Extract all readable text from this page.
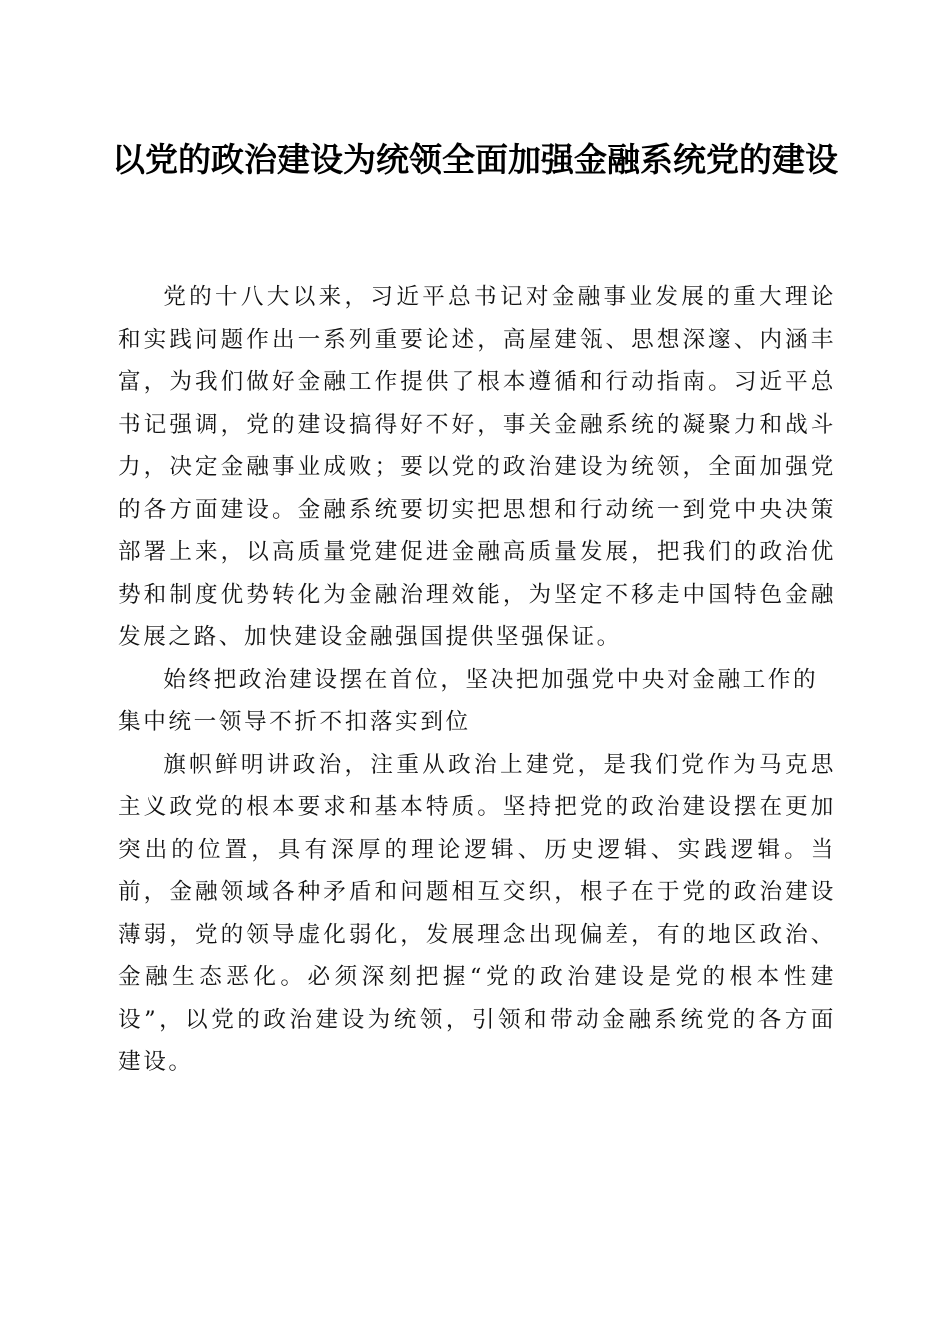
以党的政治建设为统领全面加强金融系统党的建设

党的十八大以来，习近平总书记对金融事业发展的重大理论和实践问题作出一系列重要论述，高屋建瓴、思想深邃、内涵丰富，为我们做好金融工作提供了根本遵循和行动指南。习近平总书记强调，党的建设搞得好不好，事关金融系统的凝聚力和战斗力，决定金融事业成败；要以党的政治建设为统领，全面加强党的各方面建设。金融系统要切实把思想和行动统一到党中央决策部署上来，以高质量党建促进金融高质量发展，把我们的政治优势和制度优势转化为金融治理效能，为坚定不移走中国特色金融发展之路、加快建设金融强国提供坚强保证。

始终把政治建设摆在首位，坚决把加强党中央对金融工作的集中统一领导不折不扣落实到位

旗帜鲜明讲政治，注重从政治上建党，是我们党作为马克思主义政党的根本要求和基本特质。坚持把党的政治建设摆在更加突出的位置，具有深厚的理论逻辑、历史逻辑、实践逻辑。当前，金融领域各种矛盾和问题相互交织，根子在于党的政治建设薄弱，党的领导虚化弱化，发展理念出现偏差，有的地区政治、金融生态恶化。必须深刻把握“党的政治建设是党的根本性建设”，以党的政治建设为统领，引领和带动金融系统党的各方面建设。
